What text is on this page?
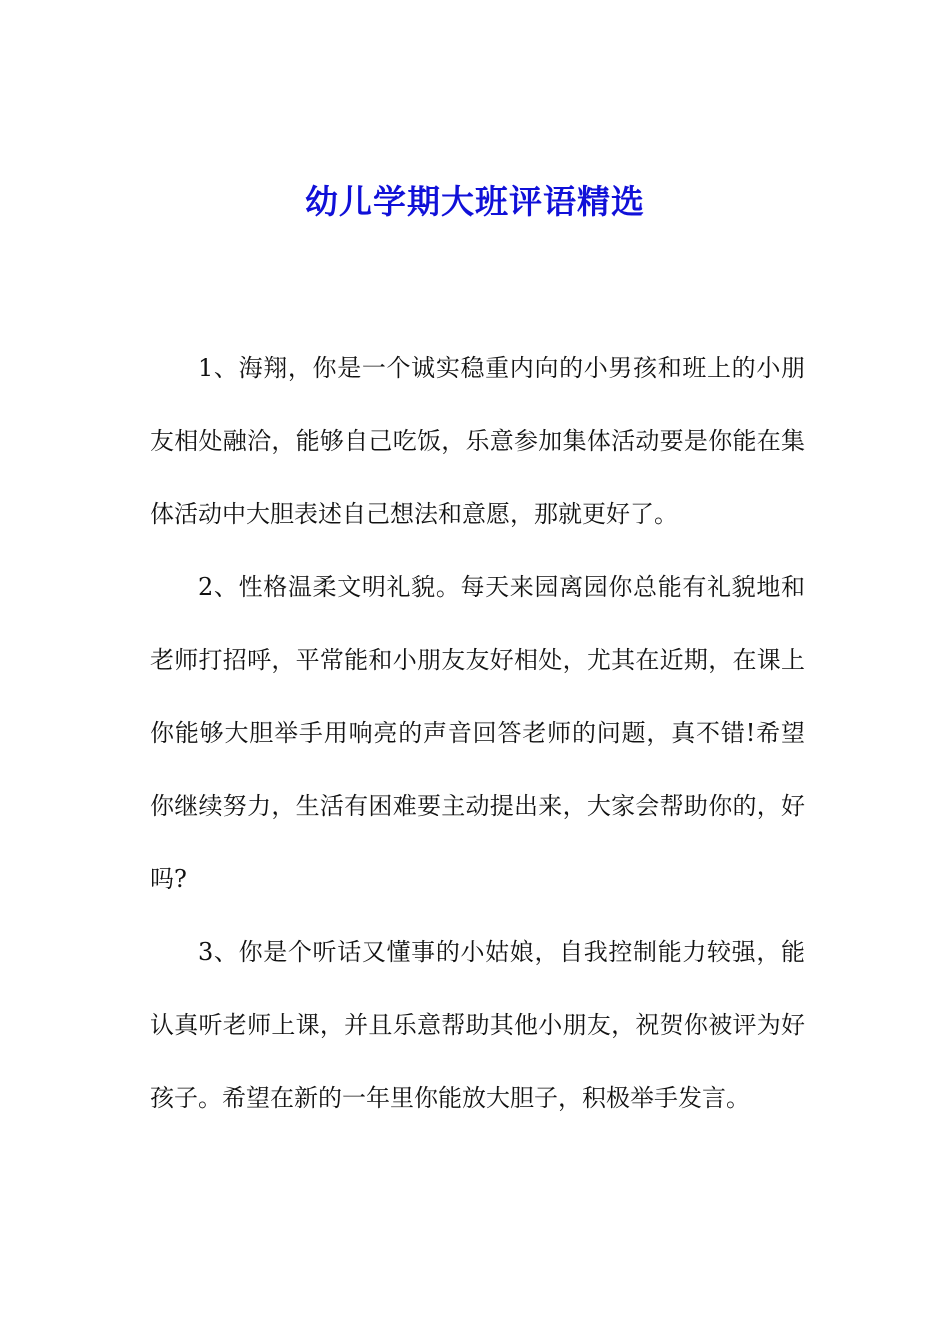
幼儿学期大班评语精选

1、海翔，你是一个诚实稳重内向的小男孩和班上的小朋友相处融洽，能够自己吃饭，乐意参加集体活动要是你能在集体活动中大胆表述自己想法和意愿，那就更好了。

2、性格温柔文明礼貌。每天来园离园你总能有礼貌地和老师打招呼，平常能和小朋友友好相处，尤其在近期，在课上你能够大胆举手用响亮的声音回答老师的问题，真不错!希望你继续努力，生活有困难要主动提出来，大家会帮助你的，好吗?

3、你是个听话又懂事的小姑娘，自我控制能力较强，能认真听老师上课，并且乐意帮助其他小朋友，祝贺你被评为好孩子。希望在新的一年里你能放大胆子，积极举手发言。
